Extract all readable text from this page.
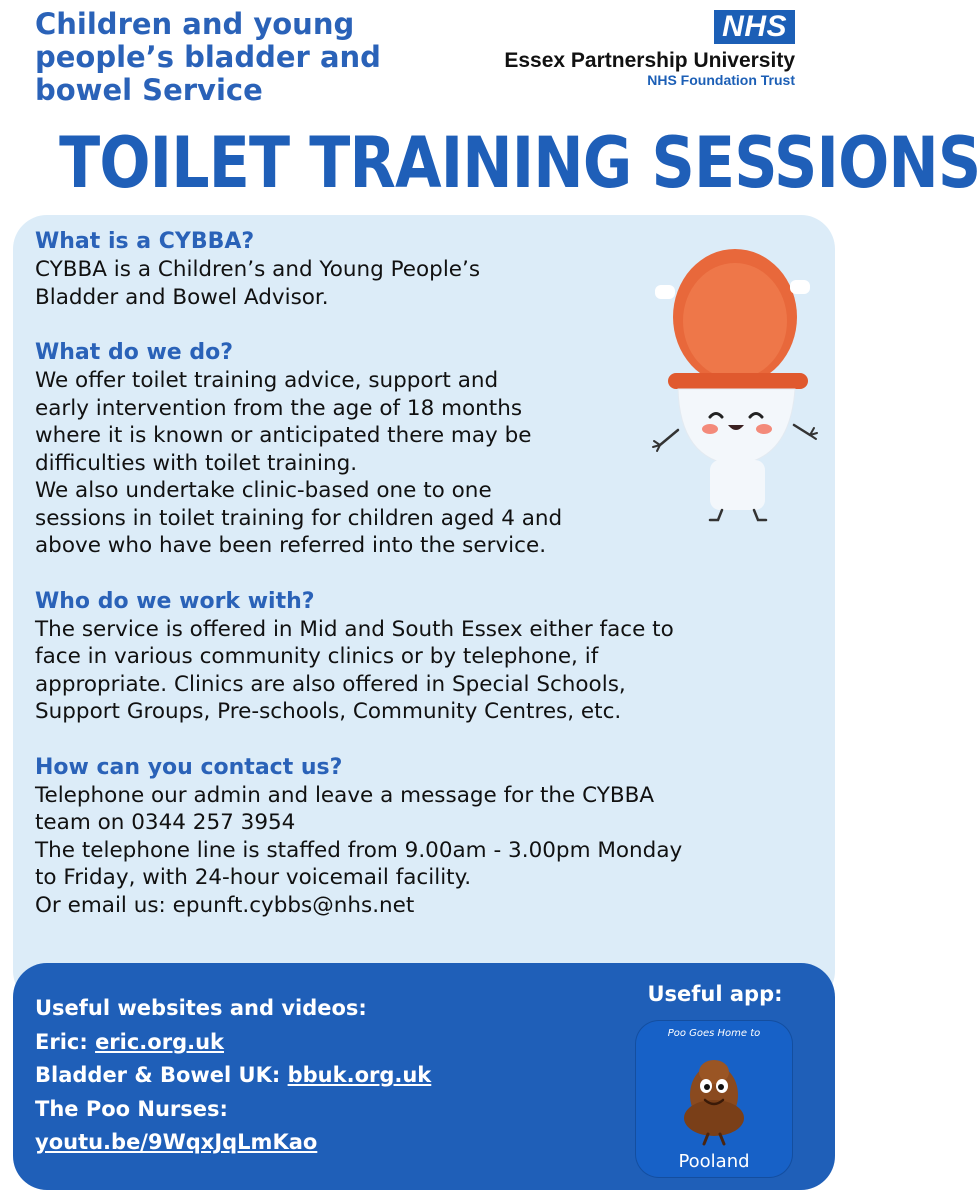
Children and young people’s bladder and bowel Service
NHS
Essex Partnership University
NHS Foundation Trust
TOILET TRAINING SESSIONS
What is a CYBBA?
CYBBA is a Children’s and Young People’s
Bladder and Bowel Advisor.
What do we do?
We offer toilet training advice, support and
early intervention from the age of 18 months
where it is known or anticipated there may be
difficulties with toilet training.
We also undertake clinic-based one to one
sessions in toilet training for children aged 4 and
above who have been referred into the service.
Who do we work with?
The service is offered in Mid and South Essex either face to
face in various community clinics or by telephone, if
appropriate. Clinics are also offered in Special Schools,
Support Groups, Pre-schools, Community Centres, etc.
How can you contact us?
Telephone our admin and leave a message for the CYBBA
team on 0344 257 3954
The telephone line is staffed from 9.00am - 3.00pm Monday
to Friday, with 24-hour voicemail facility.
Or email us: epunft.cybbs@nhs.net
Useful websites and videos:
Eric: eric.org.uk
Bladder & Bowel UK: bbuk.org.uk
The Poo Nurses:
youtu.be/9WqxJqLmKao
Useful app:
Poo Goes Home to
Pooland
